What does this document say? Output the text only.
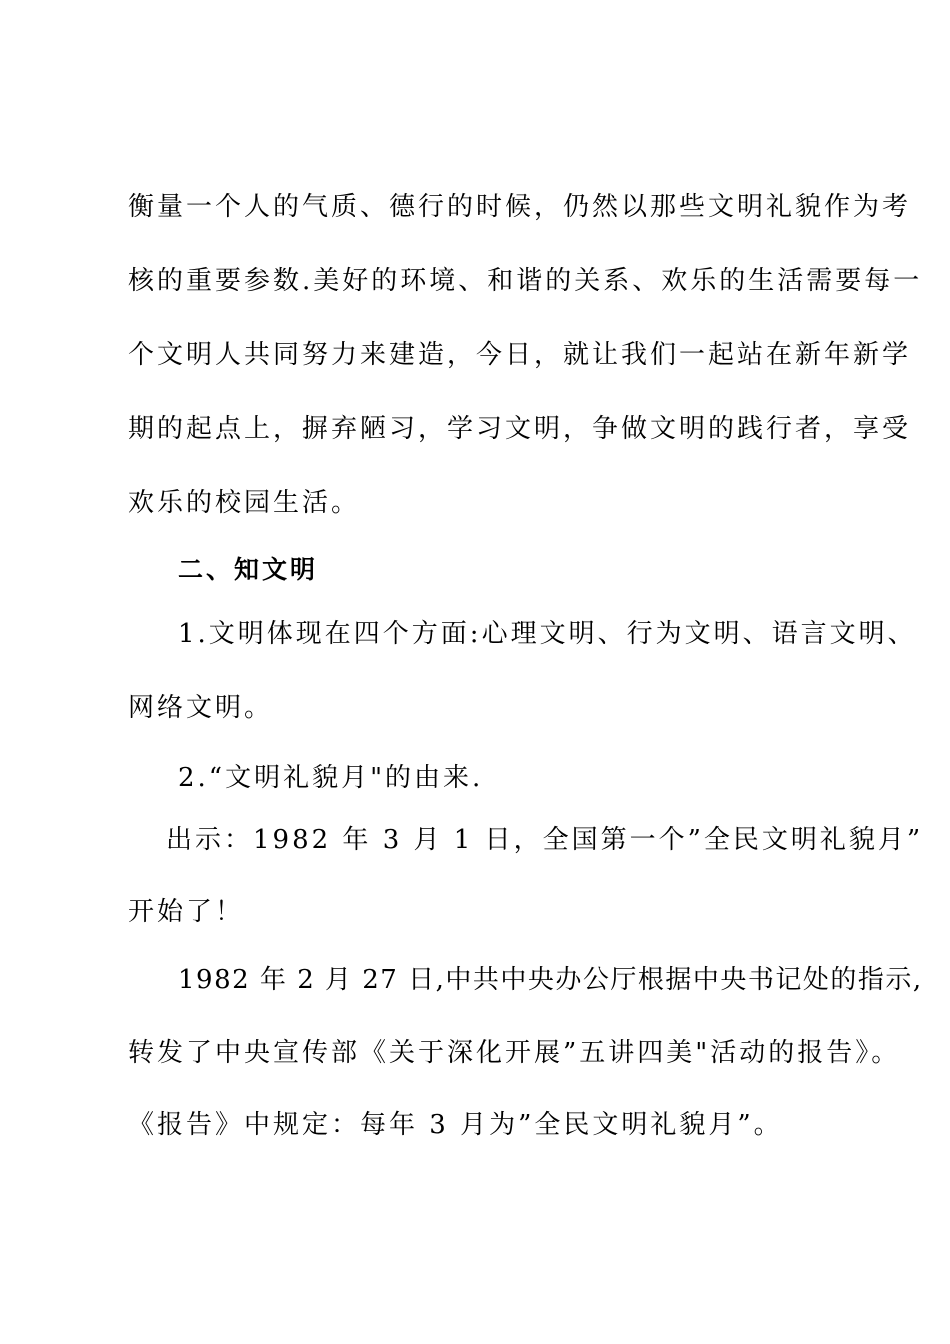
衡量一个人的气质、德行的时候，仍然以那些文明礼貌作为考
核的重要参数.美好的环境、和谐的关系、欢乐的生活需要每一
个文明人共同努力来建造，今日，就让我们一起站在新年新学
期的起点上，摒弃陋习，学习文明，争做文明的践行者，享受
欢乐的校园生活。
二、知文明
1.文明体现在四个方面:心理文明、行为文明、语言文明、
网络文明。
2.“文明礼貌月"的由来.
出示：1982 年 3 月 1 日，全国第一个”全民文明礼貌月”
开始了！
1982 年 2 月 27 日,中共中央办公厅根据中央书记处的指示,
转发了中央宣传部《关于深化开展”五讲四美"活动的报告》。
《报告》中规定：每年 3 月为”全民文明礼貌月”。
